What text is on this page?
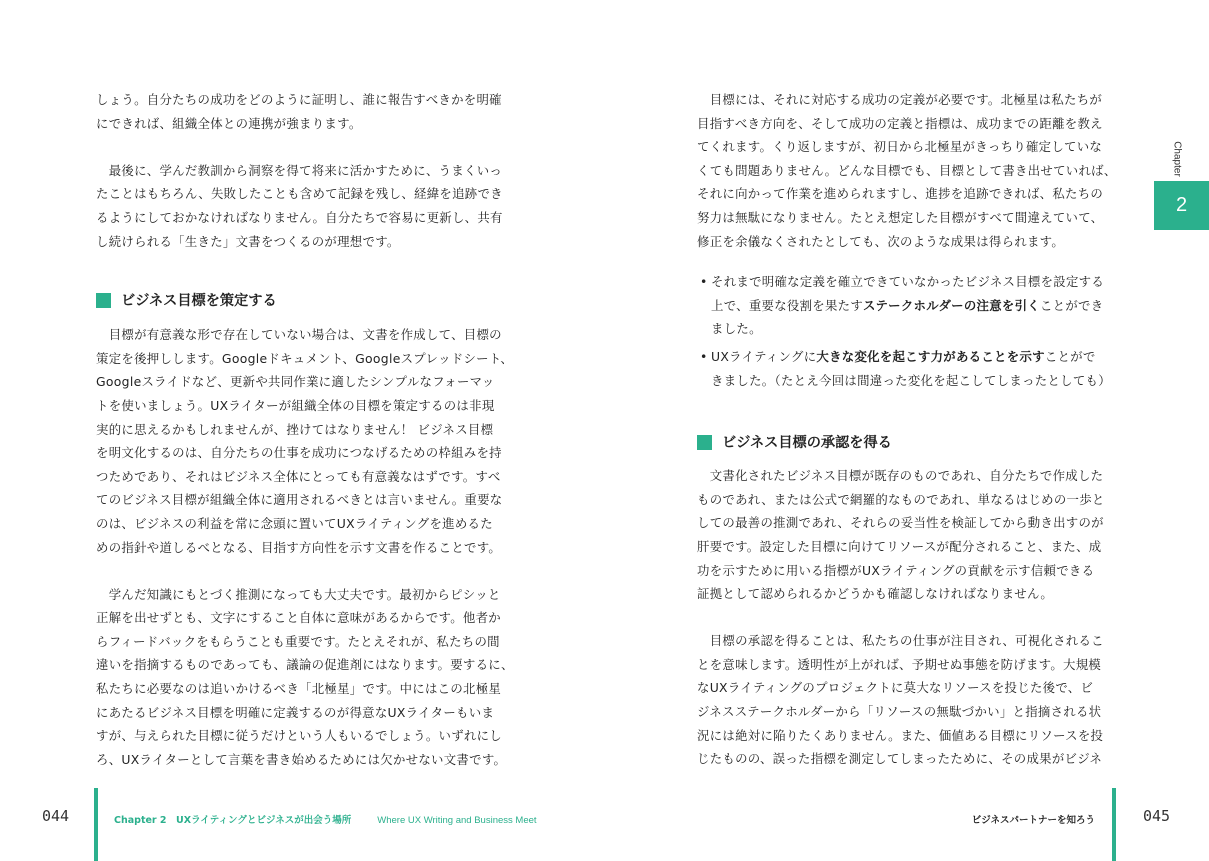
しょう。自分たちの成功をどのように証明し、誰に報告すべきかを明確
にできれば、組織全体との連携が強まります。

　最後に、学んだ教訓から洞察を得て将来に活かすために、うまくいっ
たことはもちろん、失敗したことも含めて記録を残し、経緯を追跡でき
るようにしておかなければなりません。自分たちで容易に更新し、共有
し続けられる「生きた」文書をつくるのが理想です。

ビジネス目標を策定する

　目標が有意義な形で存在していない場合は、文書を作成して、目標の
策定を後押しします。Googleドキュメント、Googleスプレッドシート、
Googleスライドなど、更新や共同作業に適したシンプルなフォーマッ
トを使いましょう。UXライターが組織全体の目標を策定するのは非現
実的に思えるかもしれませんが、挫けてはなりません！ ビジネス目標
を明文化するのは、自分たちの仕事を成功につなげるための枠組みを持
つためであり、それはビジネス全体にとっても有意義なはずです。すべ
てのビジネス目標が組織全体に適用されるべきとは言いません。重要な
のは、ビジネスの利益を常に念頭に置いてUXライティングを進めるた
めの指針や道しるべとなる、目指す方向性を示す文書を作ることです。

　学んだ知識にもとづく推測になっても大丈夫です。最初からピシッと
正解を出せずとも、文字にすること自体に意味があるからです。他者か
らフィードバックをもらうことも重要です。たとえそれが、私たちの間
違いを指摘するものであっても、議論の促進剤にはなります。要するに、
私たちに必要なのは追いかけるべき「北極星」です。中にはこの北極星
にあたるビジネス目標を明確に定義するのが得意なUXライターもいま
すが、与えられた目標に従うだけという人もいるでしょう。いずれにし
ろ、UXライターとして言葉を書き始めるためには欠かせない文書です。

　目標には、それに対応する成功の定義が必要です。北極星は私たちが
目指すべき方向を、そして成功の定義と指標は、成功までの距離を教え
てくれます。くり返しますが、初日から北極星がきっちり確定していな
くても問題ありません。どんな目標でも、目標として書き出せていれば、
それに向かって作業を進められますし、進捗を追跡できれば、私たちの
努力は無駄になりません。たとえ想定した目標がすべて間違えていて、
修正を余儀なくされたとしても、次のような成果は得られます。

• それまで明確な定義を確立できていなかったビジネス目標を設定する
上で、重要な役割を果たすステークホルダーの注意を引くことができ
ました。
• UXライティングに大きな変化を起こす力があることを示すことがで
きました。（たとえ今回は間違った変化を起こしてしまったとしても）
ビジネス目標の承認を得る

　文書化されたビジネス目標が既存のものであれ、自分たちで作成した
ものであれ、または公式で網羅的なものであれ、単なるはじめの一歩と
しての最善の推測であれ、それらの妥当性を検証してから動き出すのが
肝要です。設定した目標に向けてリソースが配分されること、また、成
功を示すために用いる指標がUXライティングの貢献を示す信頼できる
証拠として認められるかどうかも確認しなければなりません。

　目標の承認を得ることは、私たちの仕事が注目され、可視化されるこ
とを意味します。透明性が上がれば、予期せぬ事態を防げます。大規模
なUXライティングのプロジェクトに莫大なリソースを投じた後で、ビ
ジネスステークホルダーから「リソースの無駄づかい」と指摘される状
況には絶対に陥りたくありません。また、価値ある目標にリソースを投
じたものの、誤った指標を測定してしまったために、その成果がビジネ

Chapter
2
044	Chapter 2　UXライティングとビジネスが出会う場所	Where UX Writing and Business Meet	ビジネスパートナーを知ろう	045
